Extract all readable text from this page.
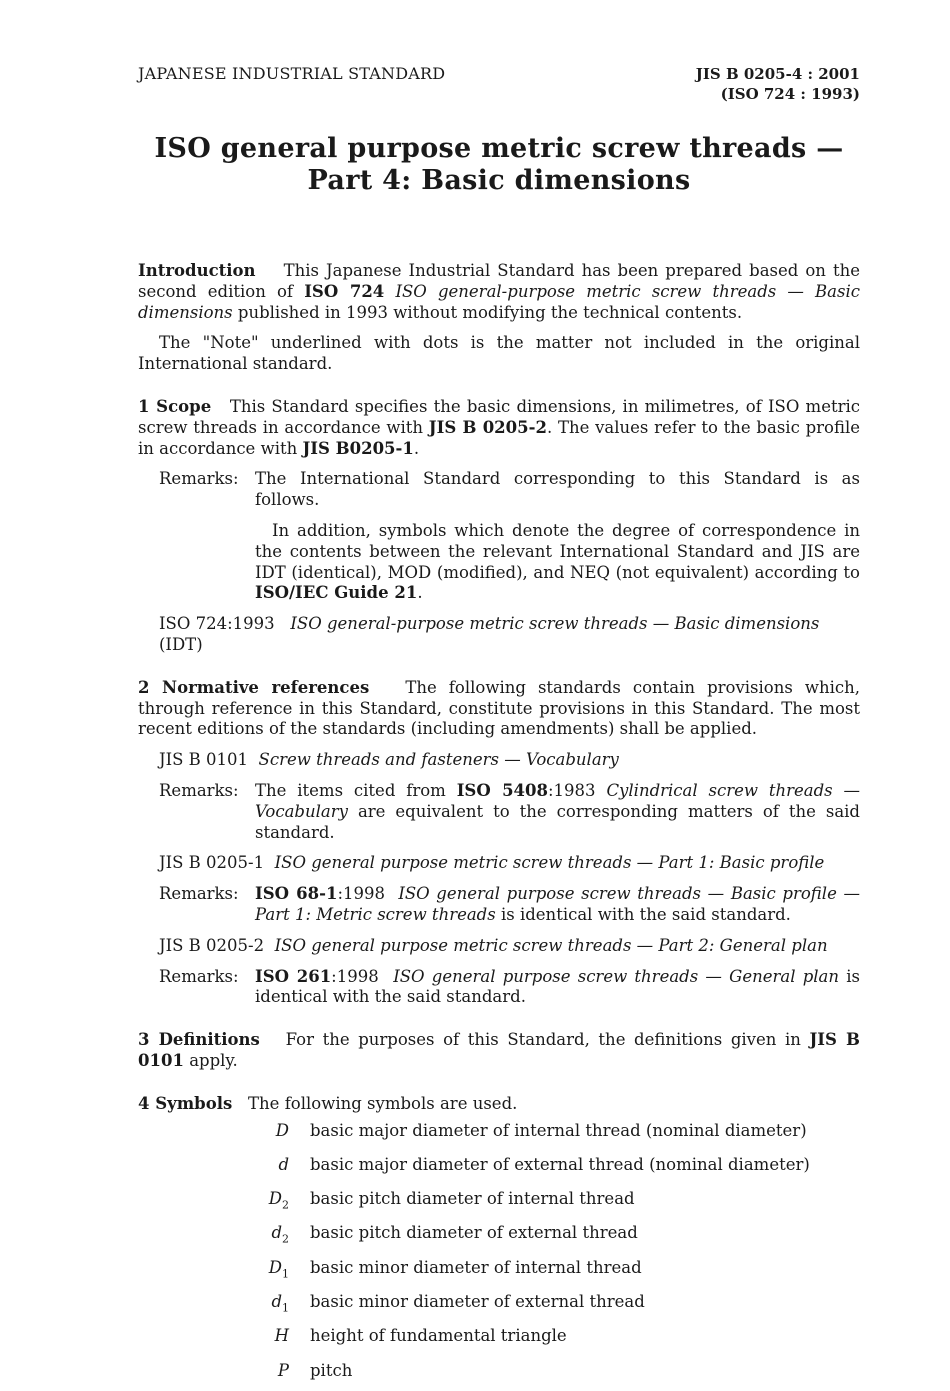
JAPANESE INDUSTRIAL STANDARD	JIS B 0205-4 : 2001
(ISO 724 : 1993)
ISO general purpose metric screw threads —
Part 4: Basic dimensions

Introduction This Japanese Industrial Standard has been prepared based on the second edition of ISO 724 ISO general-purpose metric screw threads — Basic dimensions published in 1993 without modifying the technical contents.

The "Note" underlined with dots is the matter not included in the original International standard.

1 Scope This Standard specifies the basic dimensions, in milimetres, of ISO metric screw threads in accordance with JIS B 0205-2. The values refer to the basic profile in accordance with JIS B0205-1.

Remarks: The International Standard corresponding to this Standard is as follows.

In addition, symbols which denote the degree of correspondence in the contents between the relevant International Standard and JIS are IDT (identical), MOD (modified), and NEQ (not equivalent) according to ISO/IEC Guide 21.

ISO 724:1993 ISO general-purpose metric screw threads — Basic dimensions (IDT)

2 Normative references The following standards contain provisions which, through reference in this Standard, constitute provisions in this Standard. The most recent editions of the standards (including amendments) shall be applied.

JIS B 0101 Screw threads and fasteners — Vocabulary

Remarks: The items cited from ISO 5408:1983 Cylindrical screw threads — Vocabulary are equivalent to the corresponding matters of the said standard.

JIS B 0205-1 ISO general purpose metric screw threads — Part 1: Basic profile

Remarks: ISO 68-1:1998 ISO general purpose screw threads — Basic profile — Part 1: Metric screw threads is identical with the said standard.

JIS B 0205-2 ISO general purpose metric screw threads — Part 2: General plan

Remarks: ISO 261:1998 ISO general purpose screw threads — General plan is identical with the said standard.

3 Definitions For the purposes of this Standard, the definitions given in JIS B 0101 apply.

4 Symbols The following symbols are used.

D	basic major diameter of internal thread (nominal diameter)
d	basic major diameter of external thread (nominal diameter)
$D_2$	basic pitch diameter of internal thread
$d_2$	basic pitch diameter of external thread
$D_1$	basic minor diameter of internal thread
$d_1$	basic minor diameter of external thread
H	height of fundamental triangle
P	pitch
